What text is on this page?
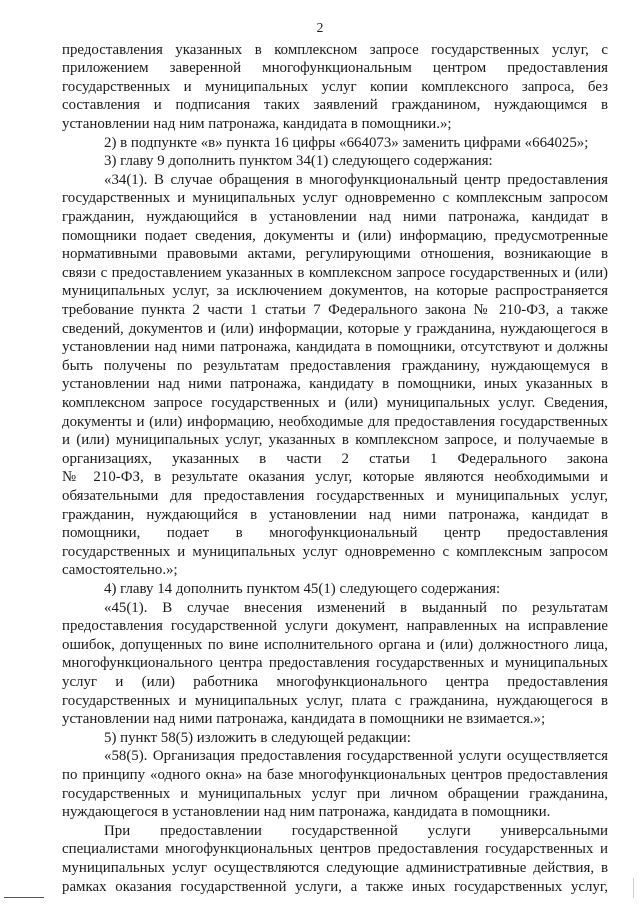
2
предоставления указанных в комплексном запросе государственных услуг, с
приложением заверенной многофункциональным центром предоставления
государственных и муниципальных услуг копии комплексного запроса, без
составления и подписания таких заявлений гражданином, нуждающимся в
установлении над ним патронажа, кандидата в помощники.»;
2) в подпункте «в» пункта 16 цифры «664073» заменить цифрами «664025»;
3) главу 9 дополнить пунктом 34(1) следующего содержания:
«34(1). В случае обращения в многофункциональный центр предоставления
государственных и муниципальных услуг одновременно с комплексным запросом
гражданин, нуждающийся в установлении над ними патронажа, кандидат в
помощники подает сведения, документы и (или) информацию, предусмотренные
нормативными правовыми актами, регулирующими отношения, возникающие в
связи с предоставлением указанных в комплексном запросе государственных и (или)
муниципальных услуг, за исключением документов, на которые распространяется
требование пункта 2 части 1 статьи 7 Федерального закона № 210-ФЗ, а также
сведений, документов и (или) информации, которые у гражданина, нуждающегося в
установлении над ними патронажа, кандидата в помощники, отсутствуют и должны
быть получены по результатам предоставления гражданину, нуждающемуся в
установлении над ними патронажа, кандидату в помощники, иных указанных в
комплексном запросе государственных и (или) муниципальных услуг. Сведения,
документы и (или) информацию, необходимые для предоставления государственных
и (или) муниципальных услуг, указанных в комплексном запросе, и получаемые в
организациях, указанных в части 2 статьи 1 Федерального закона
№ 210-ФЗ, в результате оказания услуг, которые являются необходимыми и
обязательными для предоставления государственных и муниципальных услуг,
гражданин, нуждающийся в установлении над ними патронажа, кандидат в
помощники, подает в многофункциональный центр предоставления
государственных и муниципальных услуг одновременно с комплексным запросом
самостоятельно.»;
4) главу 14 дополнить пунктом 45(1) следующего содержания:
«45(1). В случае внесения изменений в выданный по результатам
предоставления государственной услуги документ, направленных на исправление
ошибок, допущенных по вине исполнительного органа и (или) должностного лица,
многофункционального центра предоставления государственных и муниципальных
услуг и (или) работника многофункционального центра предоставления
государственных и муниципальных услуг, плата с гражданина, нуждающегося в
установлении над ними патронажа, кандидата в помощники не взимается.»;
5) пункт 58(5) изложить в следующей редакции:
«58(5). Организация предоставления государственной услуги осуществляется
по принципу «одного окна» на базе многофункциональных центров предоставления
государственных и муниципальных услуг при личном обращении гражданина,
нуждающегося в установлении над ним патронажа, кандидата в помощники.
При предоставлении государственной услуги универсальными
специалистами многофункциональных центров предоставления государственных и
муниципальных услуг осуществляются следующие административные действия, в
рамках оказания государственной услуги, а также иных государственных услуг,
